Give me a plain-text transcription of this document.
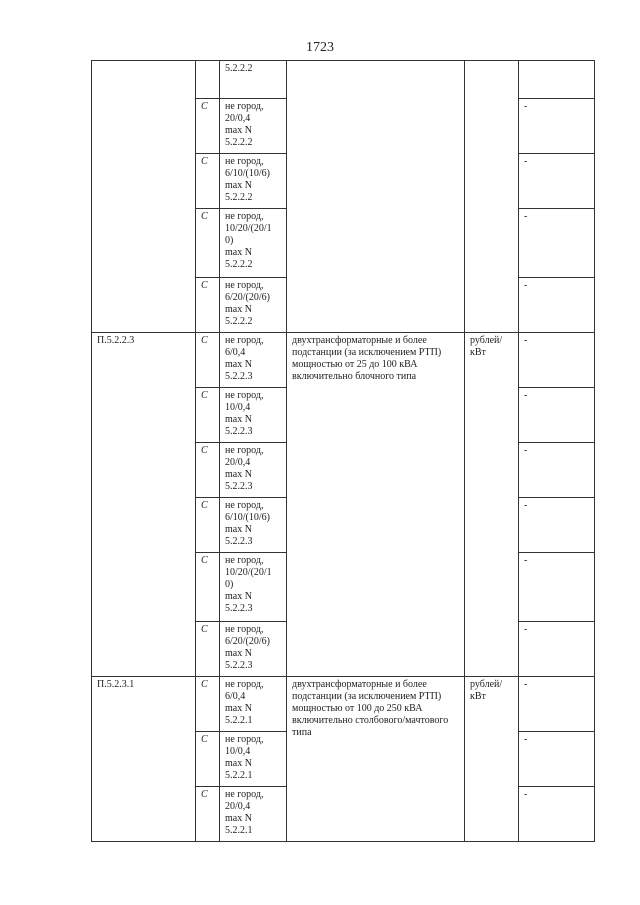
1723
		5.2.2.2			
	C	не город,
20/0,4
max N
5.2.2.2			-
	C	не город,
6/10/(10/6)
max N
5.2.2.2			-
	C	не город,
10/20/(20/1
0)
max N
5.2.2.2			-
	C	не город,
6/20/(20/6)
max N
5.2.2.2			-
П.5.2.2.3	C	не город,
6/0,4
max N
5.2.2.3	двухтрансформаторные и более подстанции (за исключением РТП) мощностью от 25 до 100 кВА включительно блочного типа	рублей/ кВт	-
	C	не город,
10/0,4
max N
5.2.2.3			-
	C	не город,
20/0,4
max N
5.2.2.3			-
	C	не город,
6/10/(10/6)
max N
5.2.2.3			-
	C	не город,
10/20/(20/1
0)
max N
5.2.2.3			-
	C	не город,
6/20/(20/6)
max N
5.2.2.3			-
П.5.2.3.1	C	не город,
6/0,4
max N
5.2.2.1	двухтрансформаторные и более подстанции (за исключением РТП) мощностью от 100 до 250 кВА включительно столбового/мачтового типа	рублей/ кВт	-
	C	не город,
10/0,4
max N
5.2.2.1			-
	C	не город,
20/0,4
max N
5.2.2.1			-
